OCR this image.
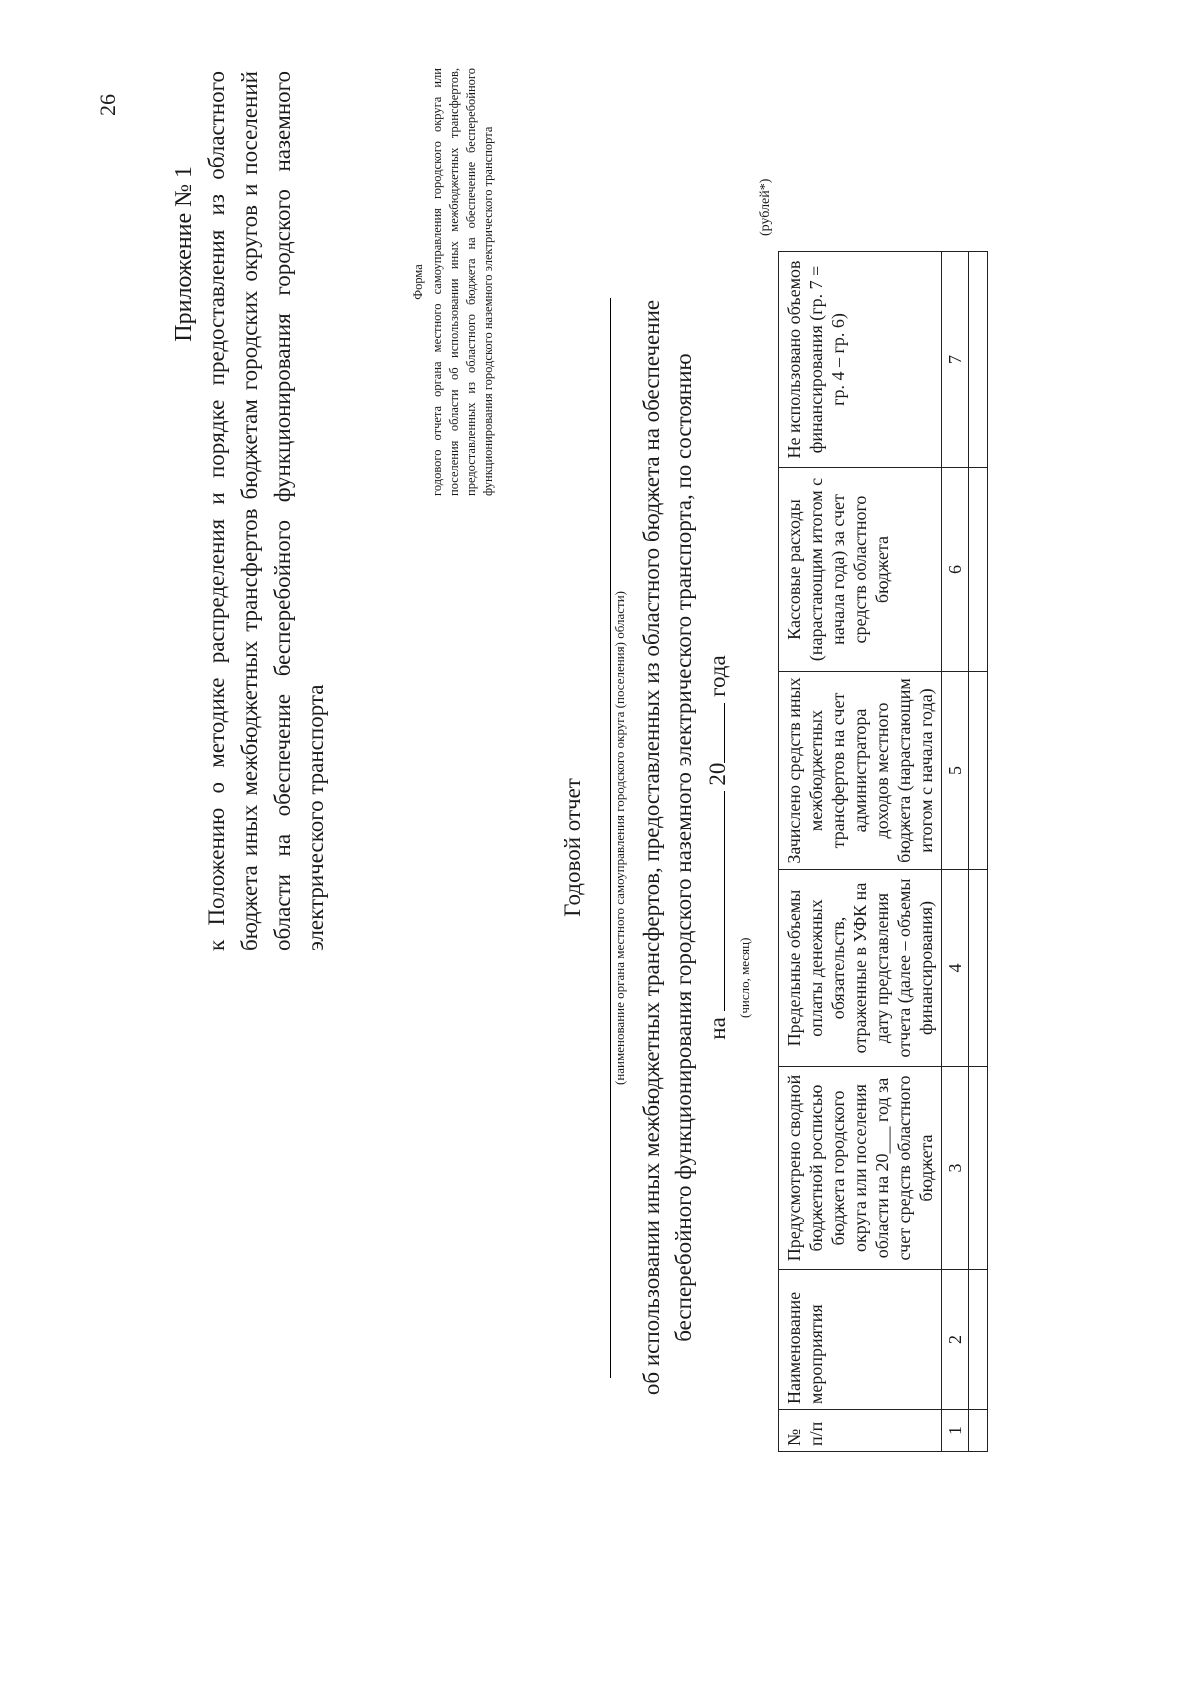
26
Приложение № 1 к Положению о методике распределения и порядке предоставления из областного бюджета иных межбюджетных трансфертов бюджетам городских округов и поселений области на обеспечение бесперебойного функционирования городского наземного электрического транспорта
Форма годового отчета органа местного самоуправления городского округа или поселения области об использовании иных межбюджетных трансфертов, предоставленных из областного бюджета на обеспечение бесперебойного функционирования городского наземного электрического транспорта
Годовой отчет (наименование органа местного самоуправления городского округа (поселения) области) об использовании иных межбюджетных трансфертов, предоставленных из областного бюджета на обеспечение бесперебойного функционирования городского наземного электрического транспорта, по состоянию на  20 года
(число, месяц)
(рублей*)
№ п/п	Наименование мероприятия	Предусмотрено сводной бюджетной росписью бюджета городского округа или поселения области на 20___ год за счет средств областного бюджета	Предельные объемы оплаты денежных обязательств, отраженные в УФК на дату представления отчета (далее – объемы финансирования)	Зачислено средств иных межбюджетных трансфертов на счет администратора доходов местного бюджета (нарастающим итогом с начала года)	Кассовые расходы (нарастающим итогом с начала года) за счет средств областного бюджета	Не использовано объемов финансирования (гр. 7 = гр. 4 – гр. 6)
1	2	3	4	5	6	7
